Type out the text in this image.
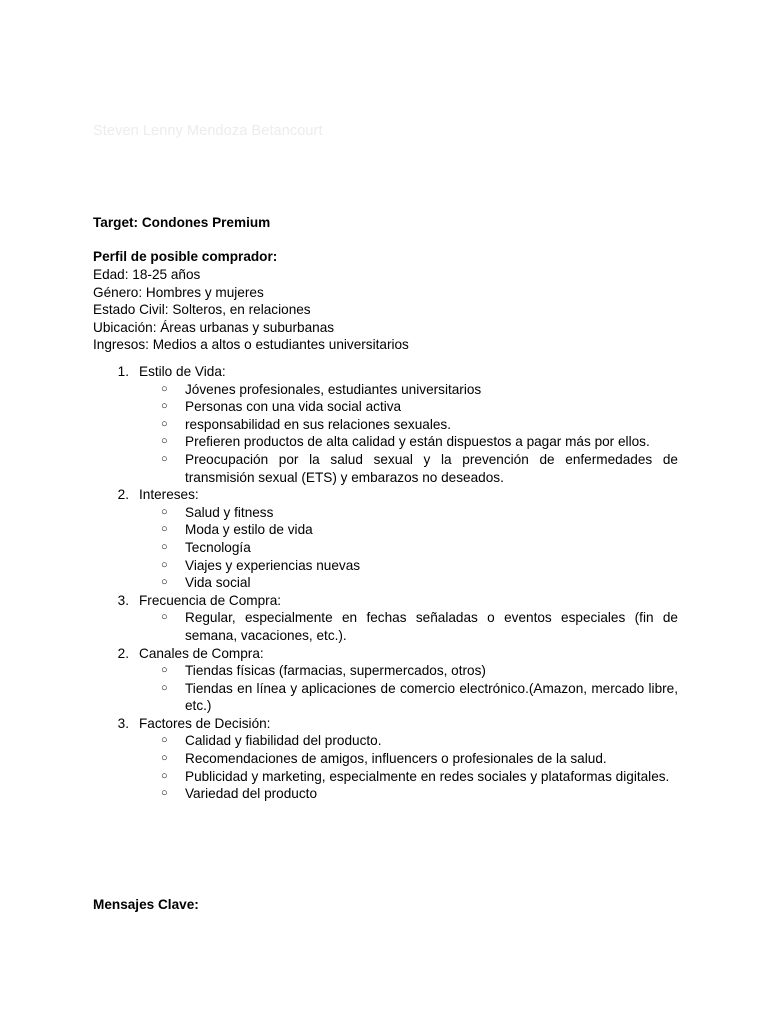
Steven Lenny Mendoza Betancourt
Target: Condones Premium
Perfil de posible comprador:
Edad: 18-25 años
Género: Hombres y mujeres
Estado Civil: Solteros, en relaciones
Ubicación: Áreas urbanas y suburbanas
Ingresos: Medios a altos o estudiantes universitarios
1. Estilo de Vida:
○ Jóvenes profesionales, estudiantes universitarios
○ Personas con una vida social activa
○ responsabilidad en sus relaciones sexuales.
○ Prefieren productos de alta calidad y están dispuestos a pagar más por ellos.
○ Preocupación por la salud sexual y la prevención de enfermedades de transmisión sexual (ETS) y embarazos no deseados.
2. Intereses:
○ Salud y fitness
○ Moda y estilo de vida
○ Tecnología
○ Viajes y experiencias nuevas
○ Vida social
3. Frecuencia de Compra:
○ Regular, especialmente en fechas señaladas o eventos especiales (fin de semana, vacaciones, etc.).
2. Canales de Compra:
○ Tiendas físicas (farmacias, supermercados, otros)
○ Tiendas en línea y aplicaciones de comercio electrónico.(Amazon, mercado libre, etc.)
3. Factores de Decisión:
○ Calidad y fiabilidad del producto.
○ Recomendaciones de amigos, influencers o profesionales de la salud.
○ Publicidad y marketing, especialmente en redes sociales y plataformas digitales.
○ Variedad del producto
Mensajes Clave:
